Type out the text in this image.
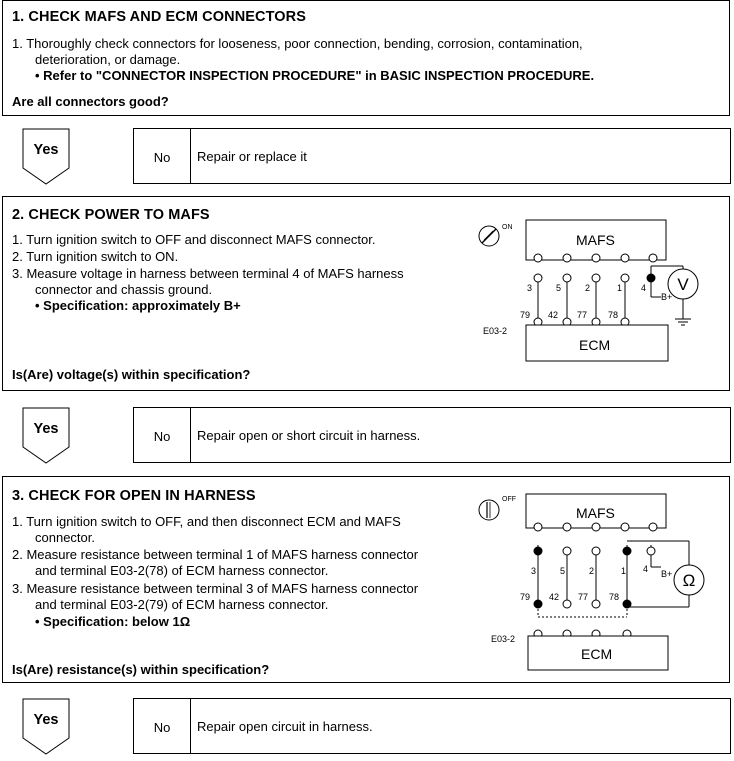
1. CHECK MAFS AND ECM CONNECTORS
1. Thoroughly check connectors for looseness, poor connection, bending, corrosion, contamination,
deterioration, or damage.
• Refer to "CONNECTOR INSPECTION PROCEDURE" in BASIC INSPECTION PROCEDURE.
Are all connectors good?
Yes	No	Repair or replace it
2. CHECK POWER TO MAFS
1. Turn ignition switch to OFF and disconnect MAFS connector.
2. Turn ignition switch to ON.
3. Measure voltage in harness between terminal 4 of MAFS harness
connector and chassis ground.
• Specification: approximately B+
Is(Are) voltage(s) within specification?
ON
MAFS
3	5	2	1 4
B+
V
79 42 77 78
E03-2
ECM
Yes	No	Repair open or short circuit in harness.
3. CHECK FOR OPEN IN HARNESS
1. Turn ignition switch to OFF, and then disconnect ECM and MAFS
connector.
2. Measure resistance between terminal 1 of MAFS harness connector
and terminal E03-2(78) of ECM harness connector.
3. Measure resistance between terminal 3 of MAFS harness connector
and terminal E03-2(79) of ECM harness connector.
• Specification: below 1Ω
Is(Are) resistance(s) within specification?
OFF
MAFS
3	5	2	1 4 B+ Ω
79 42 77 78
E03-2
ECM
Yes	No	Repair open circuit in harness.
